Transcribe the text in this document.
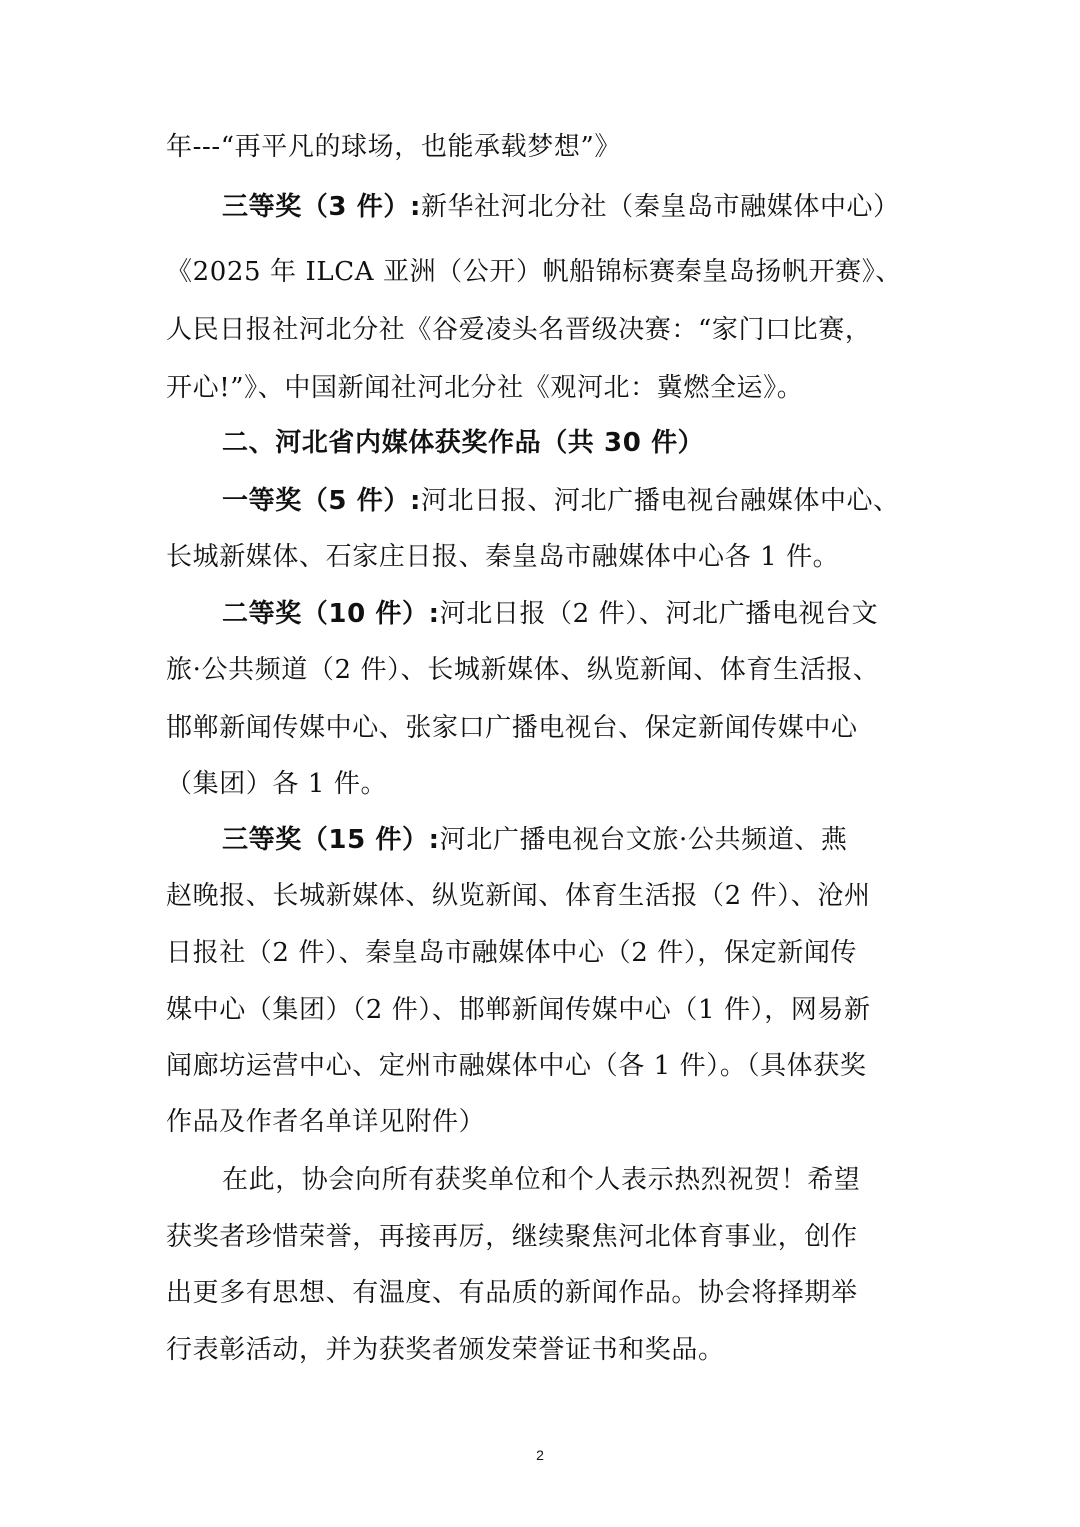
年---“再平凡的球场，也能承载梦想”》
三等奖（3 件）:新华社河北分社（秦皇岛市融媒体中心）
《2025 年 ILCA 亚洲（公开）帆船锦标赛秦皇岛扬帆开赛》、
人民日报社河北分社《谷爱凌头名晋级决赛：“家门口比赛，
开心!”》、中国新闻社河北分社《观河北：冀燃全运》。
二、河北省内媒体获奖作品（共 30 件）
一等奖（5 件）:河北日报、河北广播电视台融媒体中心、
长城新媒体、石家庄日报、秦皇岛市融媒体中心各 1 件。
二等奖（10 件）:河北日报（2 件）、河北广播电视台文
旅·公共频道（2 件）、长城新媒体、纵览新闻、体育生活报、
邯郸新闻传媒中心、张家口广播电视台、保定新闻传媒中心
（集团）各 1 件。
三等奖（15 件）:河北广播电视台文旅·公共频道、燕
赵晚报、长城新媒体、纵览新闻、体育生活报（2 件）、沧州
日报社（2 件）、秦皇岛市融媒体中心（2 件），保定新闻传
媒中心（集团）（2 件）、邯郸新闻传媒中心（1 件），网易新
闻廊坊运营中心、定州市融媒体中心（各 1 件）。（具体获奖
作品及作者名单详见附件）
在此，协会向所有获奖单位和个人表示热烈祝贺！希望
获奖者珍惜荣誉，再接再厉，继续聚焦河北体育事业，创作
出更多有思想、有温度、有品质的新闻作品。协会将择期举
行表彰活动，并为获奖者颁发荣誉证书和奖品。
2
